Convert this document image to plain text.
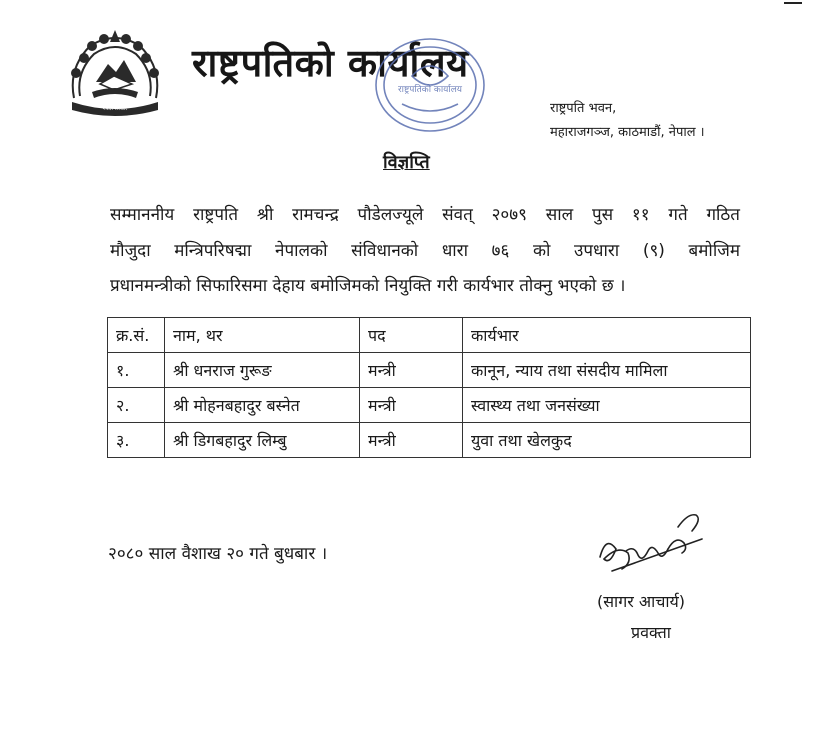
नेपाल सरकार
राष्ट्रपतिको कार्यालय
राष्ट्रपतिको कार्यालय
राष्ट्रपति भवन,
महाराजगञ्ज, काठमाडौं, नेपाल ।
विज्ञप्ति
सम्माननीय राष्ट्रपति श्री रामचन्द्र पौडेलज्यूले संवत् २०७९ साल पुस ११ गते गठित
मौजुदा मन्त्रिपरिषद्मा नेपालको संविधानको धारा ७६ को उपधारा (९) बमोजिम
प्रधानमन्त्रीको सिफारिसमा देहाय बमोजिमको नियुक्ति गरी कार्यभार तोक्नु भएको छ ।
क्र.सं.	नाम, थर	पद	कार्यभार
१.	श्री धनराज गुरूङ	मन्त्री	कानून, न्याय तथा संसदीय मामिला
२.	श्री मोहनबहादुर बस्नेत	मन्त्री	स्वास्थ्य तथा जनसंख्या
३.	श्री डिगबहादुर लिम्बु	मन्त्री	युवा तथा खेलकुद
२०८० साल वैशाख २० गते बुधबार ।
(सागर आचार्य)
प्रवक्ता
